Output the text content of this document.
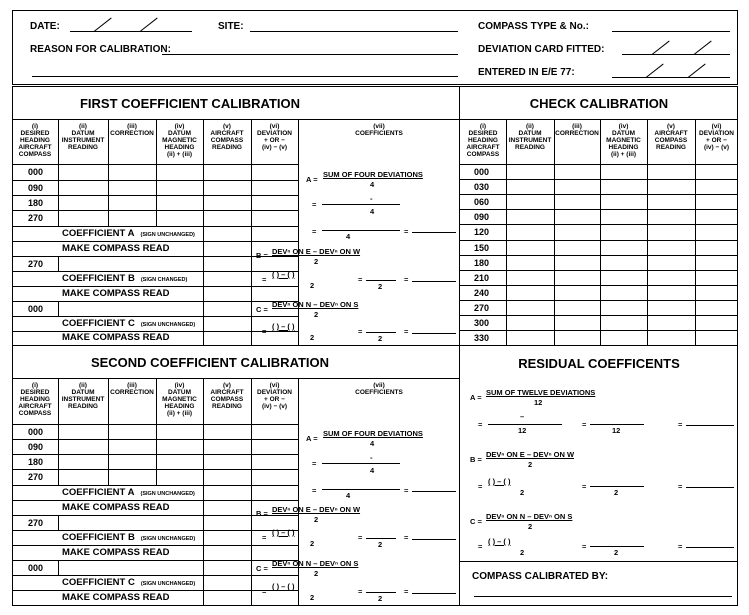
DATE:	SITE:
REASON FOR CALIBRATION:
COMPASS TYPE & No.:
DEVIATION CARD FITTED:
ENTERED IN E/E 77:
FIRST COEFFICIENT CALIBRATION
(i)
DESIRED
HEADING
AIRCRAFT
COMPASS
(ii)
DATUM
INSTRUMENT
READING
(iii)
CORRECTION
(iv)
DATUM
MAGNETIC
HEADING
(ii) + (iii)
(v)
AIRCRAFT
COMPASS
READING
(vi)
DEVIATION
+ OR −
(iv) − (v)
(vii)
COEFFICIENTS
000
090
180
270
COEFFICIENT A (SIGN UNCHANGED)
MAKE COMPASS READ
270
COEFFICIENT B (SIGN CHANGED)
MAKE COMPASS READ
000
COEFFICIENT C (SIGN UNCHANGED)
MAKE COMPASS READ
A =
SUM OF FOUR DEVIATIONS
4
=
-
4
=
4
=
B = DEVⁿ ON E – DEVⁿ ON W
2
=
( ) – ( )
2
=
2
=
C =
DEVⁿ ON N – DEVⁿ ON S
2
=
( ) – ( )
2
=
2
=
CHECK CALIBRATION
(i)
DESIRED
HEADING
AIRCRAFT
COMPASS
(ii)
DATUM
INSTRUMENT
READING
(iii)
CORRECTION
(iv)
DATUM
MAGNETIC
HEADING
(ii) + (iii)
(v)
AIRCRAFT
COMPASS
READING
(vi)
DEVIATION
+ OR −
(iv) − (v)
000
030
060
090
120
150
180
210
240
270
300
330
SECOND COEFFICIENT CALIBRATION
(i)
DESIRED
HEADING
AIRCRAFT
COMPASS
(ii)
DATUM
INSTRUMENT
READING
(iii)
CORRECTION
(iv)
DATUM
MAGNETIC
HEADING
(ii) + (iii)
(v)
AIRCRAFT
COMPASS
READING
(vi)
DEVIATION
+ OR −
(iv) − (v)
(vii)
COEFFICIENTS
000
090
180
270
COEFFICIENT A (SIGN UNCHANGED)
MAKE COMPASS READ
270
COEFFICIENT B (SIGN UNCHANGED)
MAKE COMPASS READ
000
COEFFICIENT C (SIGN UNCHANGED)
MAKE COMPASS READ
A =
SUM OF FOUR DEVIATIONS
4
=
-
4
=
4
=
B = DEVⁿ ON E – DEVⁿ ON W
2
=
( ) – ( )
2
=
2
=
C =
DEVⁿ ON N – DEVⁿ ON S
2
=
( ) – ( )
2
=
2
=
RESIDUAL COEFFICENTS
A =
SUM OF TWELVE DEVIATIONS
12
=
–
12
=
12
=
B =
DEVⁿ ON E – DEVⁿ ON W
2
=
( ) – ( )
2
=
2
=
C =
DEVⁿ ON N – DEVⁿ ON S
2
=
( ) – ( )
2
=
2
=
COMPASS CALIBRATED BY:
